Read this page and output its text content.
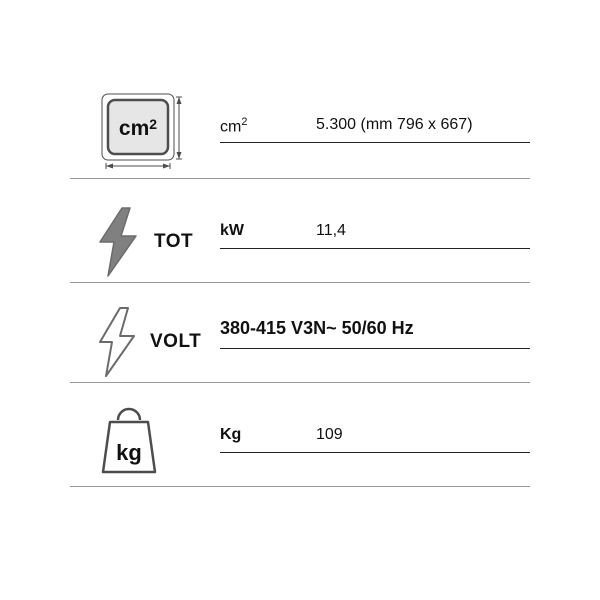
$cm^2$	$cm^2$	5.300 (mm 796 x 667)
TOT
kW	11,4
VOLT
380-415 V3N~ 50/60 Hz
kg
Kg	109
